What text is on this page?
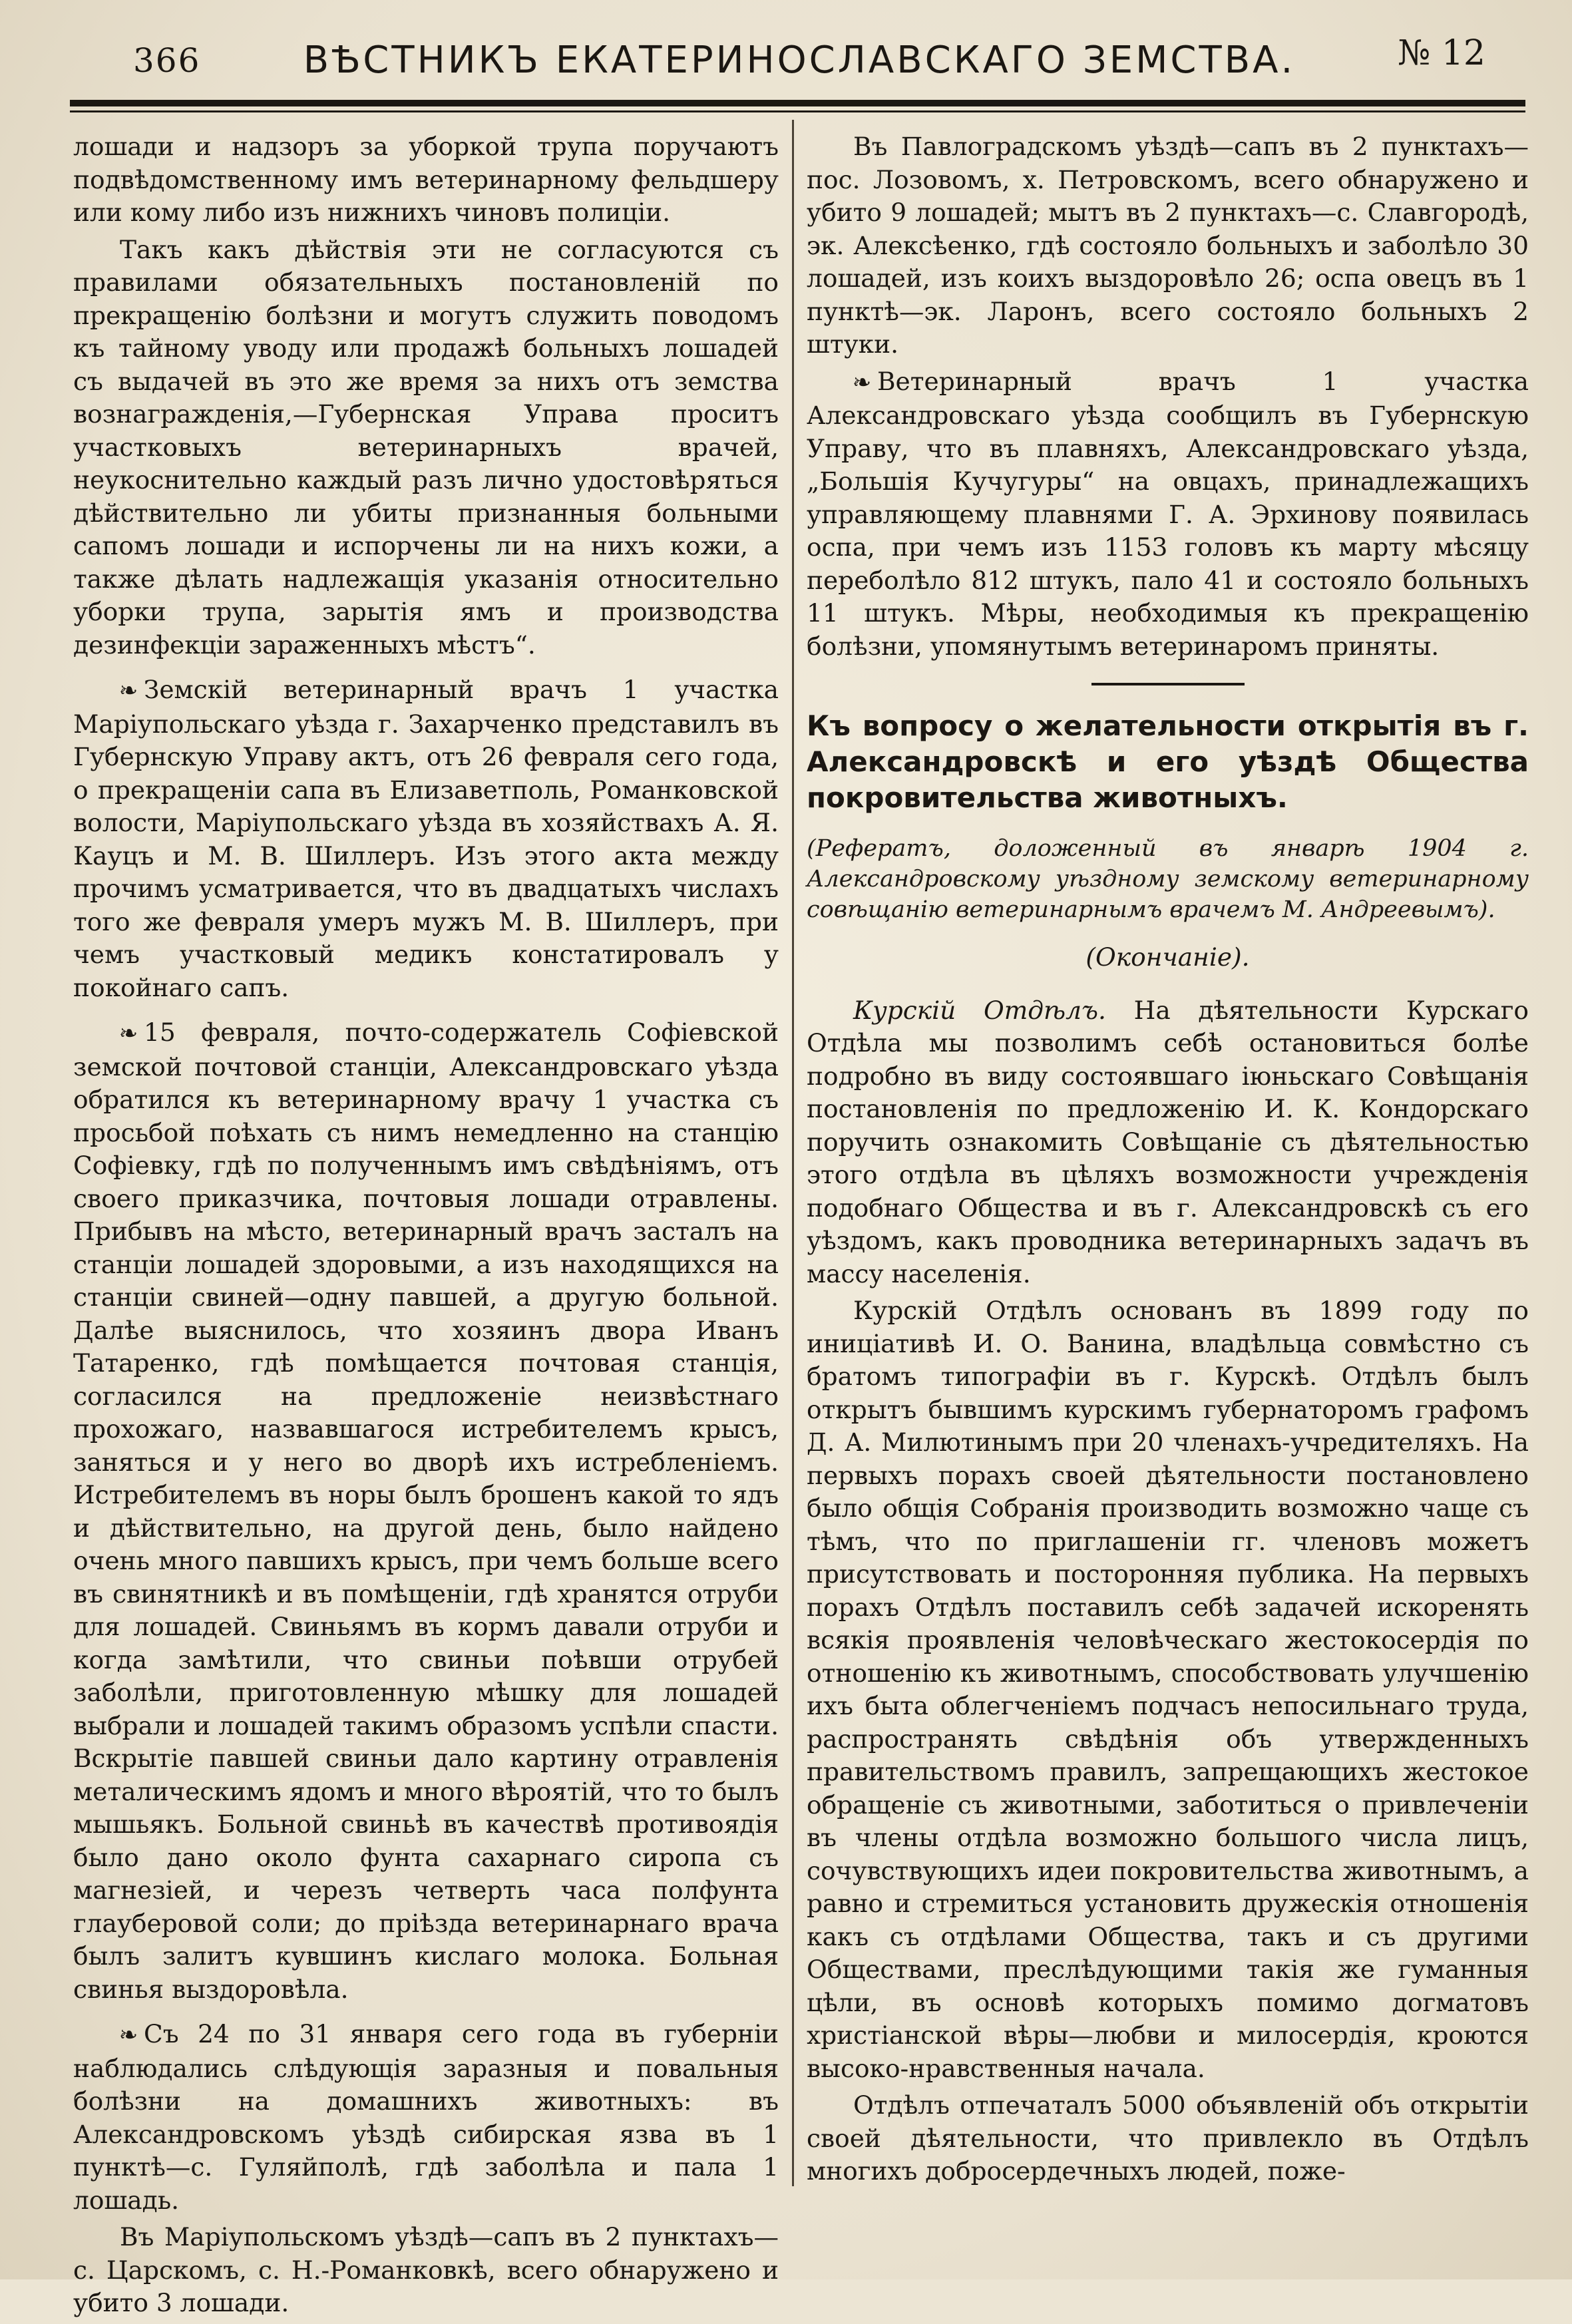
366	ВѢСТНИКЪ ЕКАТЕРИНОСЛАВСКАГО ЗЕМСТВА.	№ 12

лошади и надзоръ за уборкой трупа поручаютъ подвѣдомственному имъ ветеринарному фельдшеру или кому либо изъ нижнихъ чиновъ полиціи.

Такъ какъ дѣйствія эти не согласуются съ правилами обязательныхъ постановленій по прекращенію болѣзни и могутъ служить поводомъ къ тайному уводу или продажѣ больныхъ лошадей съ выдачей въ это же время за нихъ отъ земства вознагражденія,—Губернская Управа проситъ участковыхъ ветеринарныхъ врачей, неукоснительно каждый разъ лично удостовѣряться дѣйствительно ли убиты признанныя больными сапомъ лошади и испорчены ли на нихъ кожи, а также дѣлать надлежащія указанія относительно уборки трупа, зарытія ямъ и производства дезинфекціи зараженныхъ мѣстъ“.

❧ Земскій ветеринарный врачъ 1 участка Маріупольскаго уѣзда г. Захарченко представилъ въ Губернскую Управу актъ, отъ 26 февраля сего года, о прекращеніи сапа въ Елизаветполь, Романковской волости, Маріупольскаго уѣзда въ хозяйствахъ А. Я. Кауцъ и М. В. Шиллеръ. Изъ этого акта между прочимъ усматривается, что въ двадцатыхъ числахъ того же февраля умеръ мужъ М. В. Шиллеръ, при чемъ участковый медикъ констатировалъ у покойнаго сапъ.

❧ 15 февраля, почто-содержатель Софіевской земской почтовой станціи, Александровскаго уѣзда обратился къ ветеринарному врачу 1 участка съ просьбой поѣхать съ нимъ немедленно на станцію Софіевку, гдѣ по полученнымъ имъ свѣдѣніямъ, отъ своего приказчика, почтовыя лошади отравлены. Прибывъ на мѣсто, ветеринарный врачъ засталъ на станціи лошадей здоровыми, а изъ находящихся на станціи свиней—одну павшей, а другую больной. Далѣе выяснилось, что хозяинъ двора Иванъ Татаренко, гдѣ помѣщается почтовая станція, согласился на предложеніе неизвѣстнаго прохожаго, назвавшагося истребителемъ крысъ, заняться и у него во дворѣ ихъ истребленіемъ. Истребителемъ въ норы былъ брошенъ какой то ядъ и дѣйствительно, на другой день, было найдено очень много павшихъ крысъ, при чемъ больше всего въ свинятникѣ и въ помѣщеніи, гдѣ хранятся отруби для лошадей. Свиньямъ въ кормъ давали отруби и когда замѣтили, что свиньи поѣвши отрубей заболѣли, приготовленную мѣшку для лошадей выбрали и лошадей такимъ образомъ успѣли спасти. Вскрытіе павшей свиньи дало картину отравленія металическимъ ядомъ и много вѣроятій, что то былъ мышьякъ. Больной свиньѣ въ качествѣ противоядія было дано около фунта сахарнаго сиропа съ магнезіей, и черезъ четверть часа полфунта глауберовой соли; до пріѣзда ветеринарнаго врача былъ залитъ кувшинъ кислаго молока. Больная свинья выздоровѣла.

❧ Съ 24 по 31 января сего года въ губерніи наблюдались слѣдующія заразныя и повальныя болѣзни на домашнихъ животныхъ: въ Александровскомъ уѣздѣ сибирская язва въ 1 пунктѣ—с. Гуляйполѣ, гдѣ заболѣла и пала 1 лошадь.

Въ Маріупольскомъ уѣздѣ—сапъ въ 2 пунктахъ—с. Царскомъ, с. Н.-Романковкѣ, всего обнаружено и убито 3 лошади.

Въ Павлоградскомъ уѣздѣ—сапъ въ 2 пунктахъ—пос. Лозовомъ, х. Петровскомъ, всего обнаружено и убито 9 лошадей; мытъ въ 2 пунктахъ—с. Славгородѣ, эк. Алексѣенко, гдѣ состояло больныхъ и заболѣло 30 лошадей, изъ коихъ выздоровѣло 26; оспа овецъ въ 1 пунктѣ—эк. Ларонъ, всего состояло больныхъ 2 штуки.

❧ Ветеринарный врачъ 1 участка Александровскаго уѣзда сообщилъ въ Губернскую Управу, что въ плавняхъ, Александровскаго уѣзда, „Большія Кучугуры“ на овцахъ, принадлежащихъ управляющему плавнями Г. А. Эрхинову появилась оспа, при чемъ изъ 1153 головъ къ марту мѣсяцу переболѣло 812 штукъ, пало 41 и состояло больныхъ 11 штукъ. Мѣры, необходимыя къ прекращенію болѣзни, упомянутымъ ветеринаромъ приняты.

Къ вопросу о желательности открытія въ г. Александровскѣ и его уѣздѣ Общества покровительства животныхъ.

(Рефератъ, доложенный въ январѣ 1904 г. Александровскому уѣздному земскому ветеринарному совѣщанію ветеринарнымъ врачемъ М. Андреевымъ).

(Окончаніе).

Курскій Отдѣлъ. На дѣятельности Курскаго Отдѣла мы позволимъ себѣ остановиться болѣе подробно въ виду состоявшаго іюньскаго Совѣщанія постановленія по предложенію И. К. Кондорскаго поручить ознакомить Совѣщаніе съ дѣятельностью этого отдѣла въ цѣляхъ возможности учрежденія подобнаго Общества и въ г. Александровскѣ съ его уѣздомъ, какъ проводника ветеринарныхъ задачъ въ массу населенія.

Курскій Отдѣлъ основанъ въ 1899 году по иниціативѣ И. О. Ванина, владѣльца совмѣстно съ братомъ типографіи въ г. Курскѣ. Отдѣлъ былъ открытъ бывшимъ курскимъ губернаторомъ графомъ Д. А. Милютинымъ при 20 членахъ-учредителяхъ. На первыхъ порахъ своей дѣятельности постановлено было общія Собранія производить возможно чаще съ тѣмъ, что по приглашеніи гг. членовъ можетъ присутствовать и посторонняя публика. На первыхъ порахъ Отдѣлъ поставилъ себѣ задачей искоренять всякія проявленія человѣческаго жестокосердія по отношенію къ животнымъ, способствовать улучшенію ихъ быта облегченіемъ подчасъ непосильнаго труда, распространять свѣдѣнія объ утвержденныхъ правительствомъ правилъ, запрещающихъ жестокое обращеніе съ животными, заботиться о привлеченіи въ члены отдѣла возможно большого числа лицъ, сочувствующихъ идеи покровительства животнымъ, а равно и стремиться установить дружескія отношенія какъ съ отдѣлами Общества, такъ и съ другими Обществами, преслѣдующими такія же гуманныя цѣли, въ основѣ которыхъ помимо догматовъ христіанской вѣры—любви и милосердія, кроются высоко-нравственныя начала.

Отдѣлъ отпечаталъ 5000 объявленій объ открытіи своей дѣятельности, что привлекло въ Отдѣлъ многихъ добросердечныхъ людей, поже-
